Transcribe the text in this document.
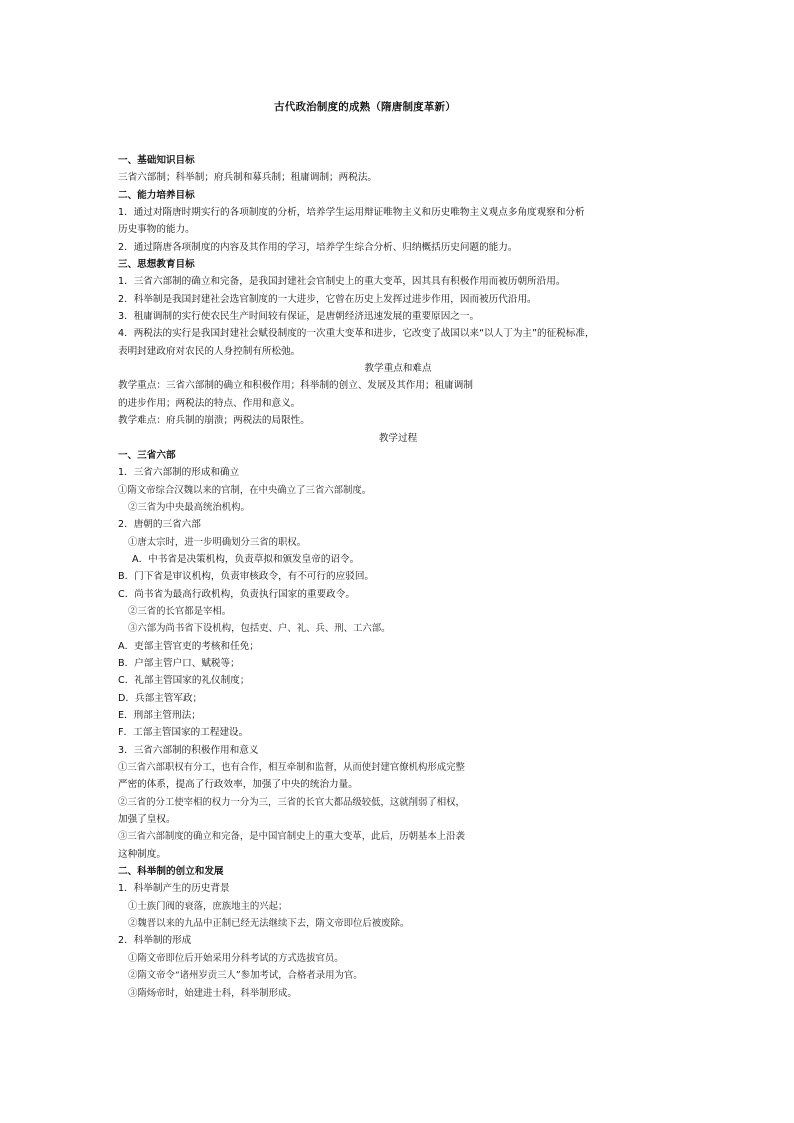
古代政治制度的成熟（隋唐制度革新）
一、基础知识目标
三省六部制；科举制；府兵制和募兵制；租庸调制；两税法。
二、能力培养目标
1．通过对隋唐时期实行的各项制度的分析，培养学生运用辩证唯物主义和历史唯物主义观点多角度观察和分析
历史事物的能力。
2．通过隋唐各项制度的内容及其作用的学习，培养学生综合分析、归纳概括历史问题的能力。
三、思想教育目标
1．三省六部制的确立和完备，是我国封建社会官制史上的重大变革，因其具有积极作用而被历朝所沿用。
2．科举制是我国封建社会选官制度的一大进步，它曾在历史上发挥过进步作用，因而被历代沿用。
3．租庸调制的实行使农民生产时间较有保证，是唐朝经济迅速发展的重要原因之一。
4．两税法的实行是我国封建社会赋役制度的一次重大变革和进步，它改变了战国以来“以人丁为主”的征税标准，
表明封建政府对农民的人身控制有所松弛。
教学重点和难点
教学重点：三省六部制的确立和积极作用；科举制的创立、发展及其作用；租庸调制
的进步作用；两税法的特点、作用和意义。
教学难点：府兵制的崩溃；两税法的局限性。
教学过程
一、三省六部
1．三省六部制的形成和确立
①隋文帝综合汉魏以来的官制，在中央确立了三省六部制度。
②三省为中央最高统治机构。
2．唐朝的三省六部
①唐太宗时，进一步明确划分三省的职权。
A．中书省是决策机构，负责草拟和颁发皇帝的诏令。
B．门下省是审议机构，负责审核政令，有不可行的应驳回。
C．尚书省为最高行政机构，负责执行国家的重要政令。
②三省的长官都是宰相。
③六部为尚书省下设机构，包括吏、户、礼、兵、刑、工六部。
A．吏部主管官吏的考核和任免；
B．户部主管户口、赋税等；
C．礼部主管国家的礼仪制度；
D．兵部主管军政；
E．刑部主管刑法；
F．工部主管国家的工程建设。
3．三省六部制的积极作用和意义
①三省六部职权有分工，也有合作，相互牵制和监督，从而使封建官僚机构形成完整
严密的体系，提高了行政效率，加强了中央的统治力量。
②三省的分工使宰相的权力一分为三，三省的长官大都品级较低，这就削弱了相权，
加强了皇权。
③三省六部制度的确立和完备，是中国官制史上的重大变革，此后，历朝基本上沿袭
这种制度。
二、科举制的创立和发展
1．科举制产生的历史背景
①士族门阀的衰落，庶族地主的兴起；
②魏晋以来的九品中正制已经无法继续下去，隋文帝即位后被废除。
2．科举制的形成
①隋文帝即位后开始采用分科考试的方式选拔官员。
②隋文帝令“诸州岁贡三人”参加考试，合格者录用为官。
③隋炀帝时，始建进士科，科举制形成。
